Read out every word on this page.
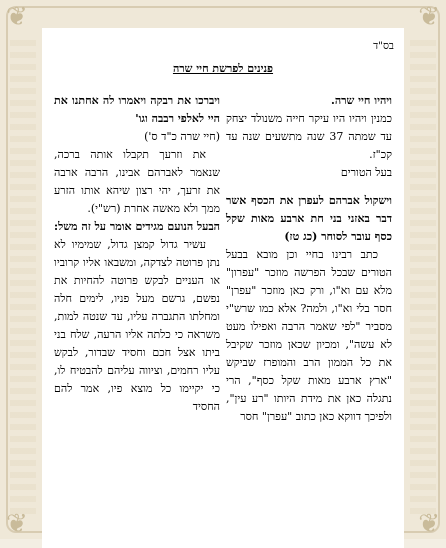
❦	❦
❦	❦
בס"ד
פנינים לפרשת חיי שרה

ויהיו חיי שרה.

כמנין ויהיו היו עיקר חייה משנולד יצחק עד שמתה 37 שנה מתשעים שנה עד קכ"ז.

בעל הטורים

וישקול אברהם לעפרן את הכסף אשר דבר באזני בני חת ארבע מאות שקל כסף עובר לסוחר (כג טז)

כתב רבינו בחיי וכן מובא בבעל הטורים שבכל הפרשה מוזכר "עפרון" מלא עם וא"ו, ורק כאן מוזכר "עפרן" חסר בלי וא"ו, ולמה? אלא כמו שרש"י מסביר "לפי שאמר הרבה ואפילו מעט לא עשה", ומכיון שכאן מוזכר שקיבל את כל הממון הרב והמופרז שביקש "ארץ ארבע מאות שקל כסף", הרי נתגלה כאן את מידת היותו "רע עין", ולפיכך דווקא כאן כתוב "עפרן" חסר

ויברכו את רבקה ויאמרו לה אחתנו את היי לאלפי רבבה וגו'

(חיי שרה כ"ד ס')

את וזרעך תקבלו אותה ברכה, שנאמר לאברהם אבינו, הרבה ארבה את זרעך, יהי רצון שיהא אותו הזרע ממך ולא מאשה אחרת (רש"י).

הבעל הנועם מגידים אומר על זה משל:

עשיר גדול קמצן גדול, שמימיו לא נתן פרוטה לצדקה, ומשבאו אליו קרוביו או העניים לבקש פרוטה להחיות את נפשם, גרשם מעל פניו, לימים חלה ומחלתו התגברה עליו, עד שנטה למות, משראה כי כלתה אליו הרעה, שלח בני ביתו אצל חכם וחסיד שבדור, לבקש עליו רחמים, וציווה עליהם להבטיח לו, כי יקיימו כל מוצא פיו, אמר להם החסיד
